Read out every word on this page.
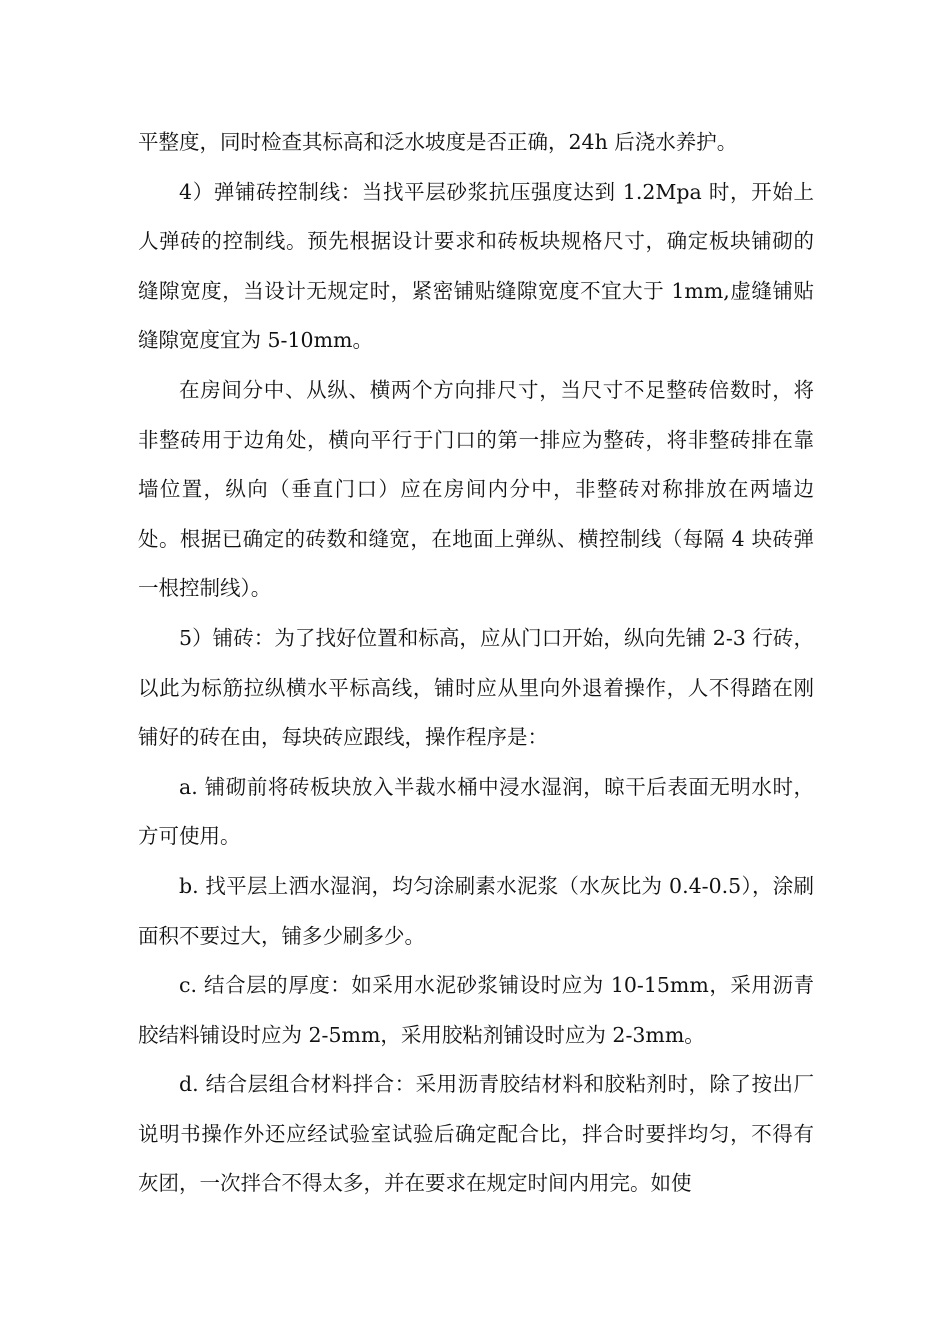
平整度，同时检查其标高和泛水坡度是否正确，24h 后浇水养护。

4）弹铺砖控制线：当找平层砂浆抗压强度达到 1.2Mpa 时，开始上人弹砖的控制线。预先根据设计要求和砖板块规格尺寸，确定板块铺砌的缝隙宽度，当设计无规定时，紧密铺贴缝隙宽度不宜大于 1mm,虚缝铺贴缝隙宽度宜为 5-10mm。

在房间分中、从纵、横两个方向排尺寸，当尺寸不足整砖倍数时，将非整砖用于边角处，横向平行于门口的第一排应为整砖，将非整砖排在靠墙位置，纵向（垂直门口）应在房间内分中，非整砖对称排放在两墙边处。根据已确定的砖数和缝宽，在地面上弹纵、横控制线（每隔 4 块砖弹一根控制线）。

5）铺砖：为了找好位置和标高，应从门口开始，纵向先铺 2-3 行砖，以此为标筋拉纵横水平标高线，铺时应从里向外退着操作，人不得踏在刚铺好的砖在由，每块砖应跟线，操作程序是：

a. 铺砌前将砖板块放入半裁水桶中浸水湿润，晾干后表面无明水时，方可使用。

b. 找平层上洒水湿润，均匀涂刷素水泥浆（水灰比为 0.4-0.5），涂刷面积不要过大，铺多少刷多少。

c. 结合层的厚度：如采用水泥砂浆铺设时应为 10-15mm，采用沥青胶结料铺设时应为 2-5mm，采用胶粘剂铺设时应为 2-3mm。

d. 结合层组合材料拌合：采用沥青胶结材料和胶粘剂时，除了按出厂说明书操作外还应经试验室试验后确定配合比，拌合时要拌均匀，不得有灰团，一次拌合不得太多，并在要求在规定时间内用完。如使
